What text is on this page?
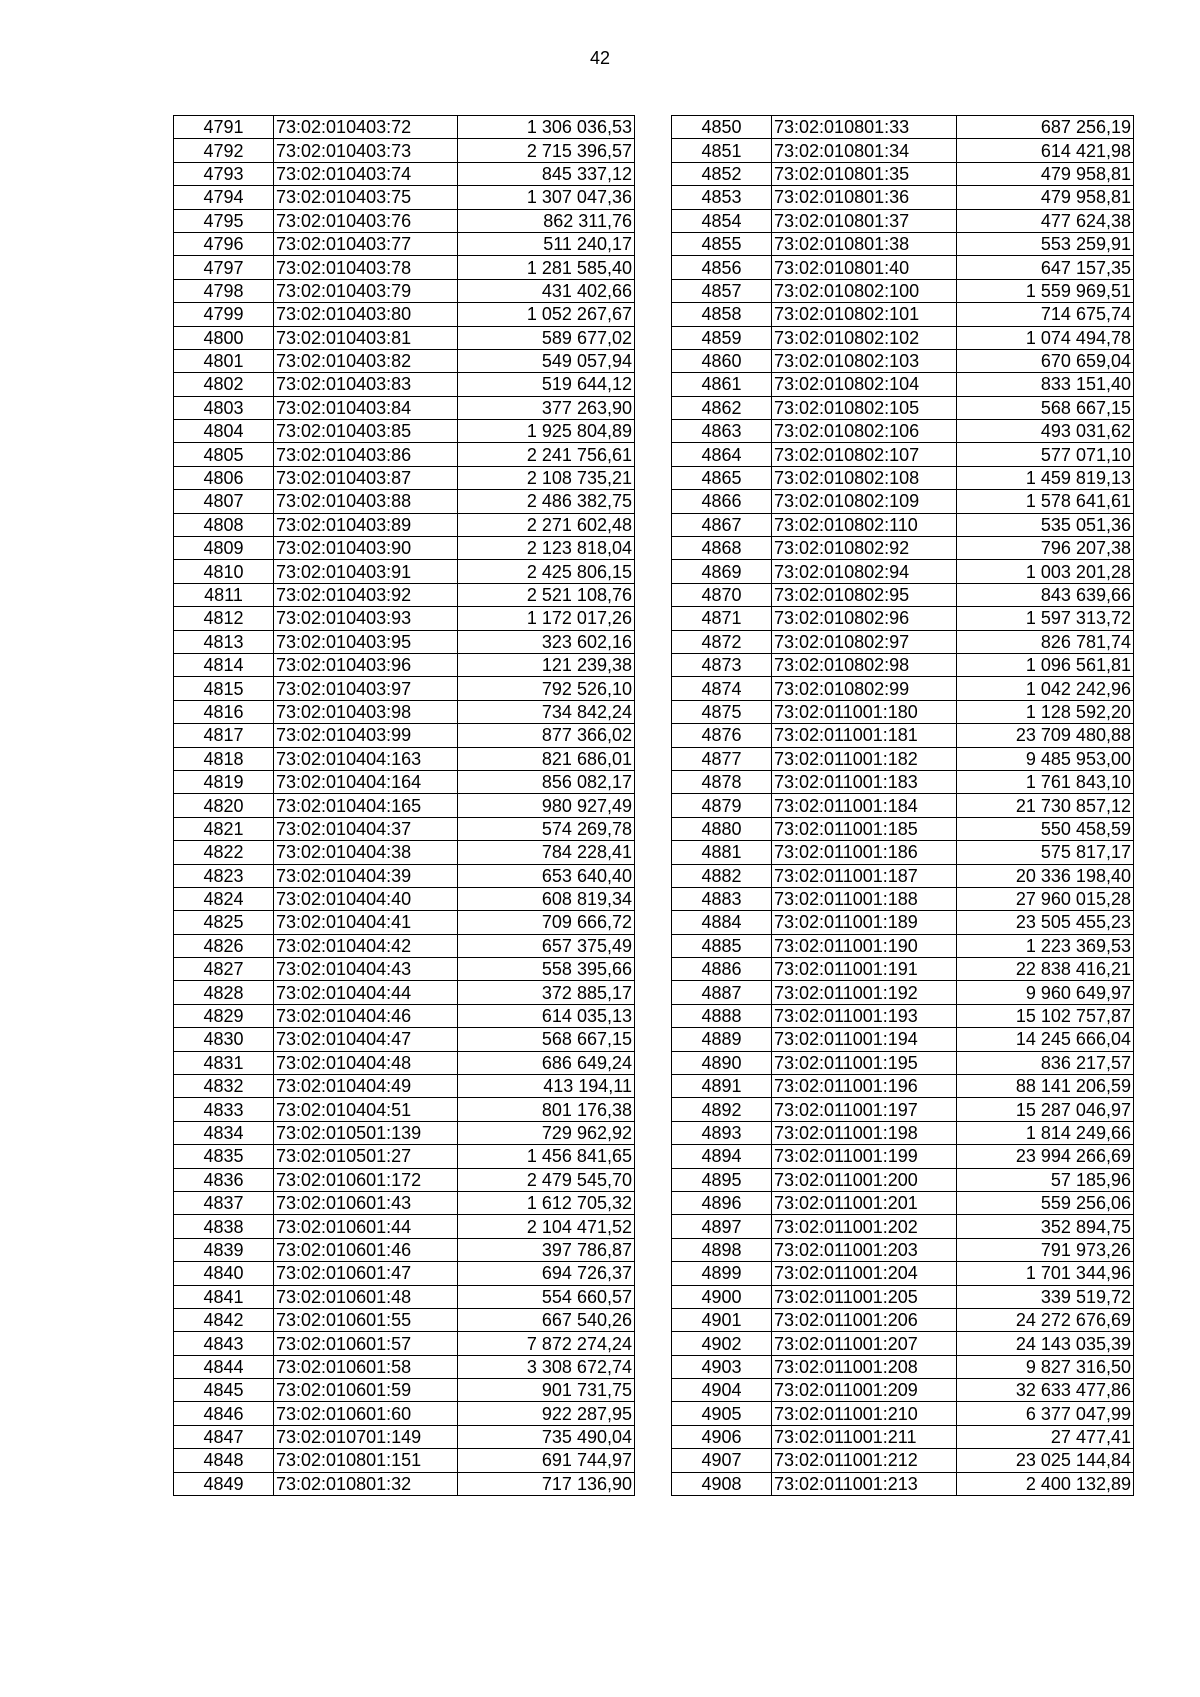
42
4791	73:02:010403:72	1 306 036,53
4792	73:02:010403:73	2 715 396,57
4793	73:02:010403:74	845 337,12
4794	73:02:010403:75	1 307 047,36
4795	73:02:010403:76	862 311,76
4796	73:02:010403:77	511 240,17
4797	73:02:010403:78	1 281 585,40
4798	73:02:010403:79	431 402,66
4799	73:02:010403:80	1 052 267,67
4800	73:02:010403:81	589 677,02
4801	73:02:010403:82	549 057,94
4802	73:02:010403:83	519 644,12
4803	73:02:010403:84	377 263,90
4804	73:02:010403:85	1 925 804,89
4805	73:02:010403:86	2 241 756,61
4806	73:02:010403:87	2 108 735,21
4807	73:02:010403:88	2 486 382,75
4808	73:02:010403:89	2 271 602,48
4809	73:02:010403:90	2 123 818,04
4810	73:02:010403:91	2 425 806,15
4811	73:02:010403:92	2 521 108,76
4812	73:02:010403:93	1 172 017,26
4813	73:02:010403:95	323 602,16
4814	73:02:010403:96	121 239,38
4815	73:02:010403:97	792 526,10
4816	73:02:010403:98	734 842,24
4817	73:02:010403:99	877 366,02
4818	73:02:010404:163	821 686,01
4819	73:02:010404:164	856 082,17
4820	73:02:010404:165	980 927,49
4821	73:02:010404:37	574 269,78
4822	73:02:010404:38	784 228,41
4823	73:02:010404:39	653 640,40
4824	73:02:010404:40	608 819,34
4825	73:02:010404:41	709 666,72
4826	73:02:010404:42	657 375,49
4827	73:02:010404:43	558 395,66
4828	73:02:010404:44	372 885,17
4829	73:02:010404:46	614 035,13
4830	73:02:010404:47	568 667,15
4831	73:02:010404:48	686 649,24
4832	73:02:010404:49	413 194,11
4833	73:02:010404:51	801 176,38
4834	73:02:010501:139	729 962,92
4835	73:02:010501:27	1 456 841,65
4836	73:02:010601:172	2 479 545,70
4837	73:02:010601:43	1 612 705,32
4838	73:02:010601:44	2 104 471,52
4839	73:02:010601:46	397 786,87
4840	73:02:010601:47	694 726,37
4841	73:02:010601:48	554 660,57
4842	73:02:010601:55	667 540,26
4843	73:02:010601:57	7 872 274,24
4844	73:02:010601:58	3 308 672,74
4845	73:02:010601:59	901 731,75
4846	73:02:010601:60	922 287,95
4847	73:02:010701:149	735 490,04
4848	73:02:010801:151	691 744,97
4849	73:02:010801:32	717 136,90
4850	73:02:010801:33	687 256,19
4851	73:02:010801:34	614 421,98
4852	73:02:010801:35	479 958,81
4853	73:02:010801:36	479 958,81
4854	73:02:010801:37	477 624,38
4855	73:02:010801:38	553 259,91
4856	73:02:010801:40	647 157,35
4857	73:02:010802:100	1 559 969,51
4858	73:02:010802:101	714 675,74
4859	73:02:010802:102	1 074 494,78
4860	73:02:010802:103	670 659,04
4861	73:02:010802:104	833 151,40
4862	73:02:010802:105	568 667,15
4863	73:02:010802:106	493 031,62
4864	73:02:010802:107	577 071,10
4865	73:02:010802:108	1 459 819,13
4866	73:02:010802:109	1 578 641,61
4867	73:02:010802:110	535 051,36
4868	73:02:010802:92	796 207,38
4869	73:02:010802:94	1 003 201,28
4870	73:02:010802:95	843 639,66
4871	73:02:010802:96	1 597 313,72
4872	73:02:010802:97	826 781,74
4873	73:02:010802:98	1 096 561,81
4874	73:02:010802:99	1 042 242,96
4875	73:02:011001:180	1 128 592,20
4876	73:02:011001:181	23 709 480,88
4877	73:02:011001:182	9 485 953,00
4878	73:02:011001:183	1 761 843,10
4879	73:02:011001:184	21 730 857,12
4880	73:02:011001:185	550 458,59
4881	73:02:011001:186	575 817,17
4882	73:02:011001:187	20 336 198,40
4883	73:02:011001:188	27 960 015,28
4884	73:02:011001:189	23 505 455,23
4885	73:02:011001:190	1 223 369,53
4886	73:02:011001:191	22 838 416,21
4887	73:02:011001:192	9 960 649,97
4888	73:02:011001:193	15 102 757,87
4889	73:02:011001:194	14 245 666,04
4890	73:02:011001:195	836 217,57
4891	73:02:011001:196	88 141 206,59
4892	73:02:011001:197	15 287 046,97
4893	73:02:011001:198	1 814 249,66
4894	73:02:011001:199	23 994 266,69
4895	73:02:011001:200	57 185,96
4896	73:02:011001:201	559 256,06
4897	73:02:011001:202	352 894,75
4898	73:02:011001:203	791 973,26
4899	73:02:011001:204	1 701 344,96
4900	73:02:011001:205	339 519,72
4901	73:02:011001:206	24 272 676,69
4902	73:02:011001:207	24 143 035,39
4903	73:02:011001:208	9 827 316,50
4904	73:02:011001:209	32 633 477,86
4905	73:02:011001:210	6 377 047,99
4906	73:02:011001:211	27 477,41
4907	73:02:011001:212	23 025 144,84
4908	73:02:011001:213	2 400 132,89
